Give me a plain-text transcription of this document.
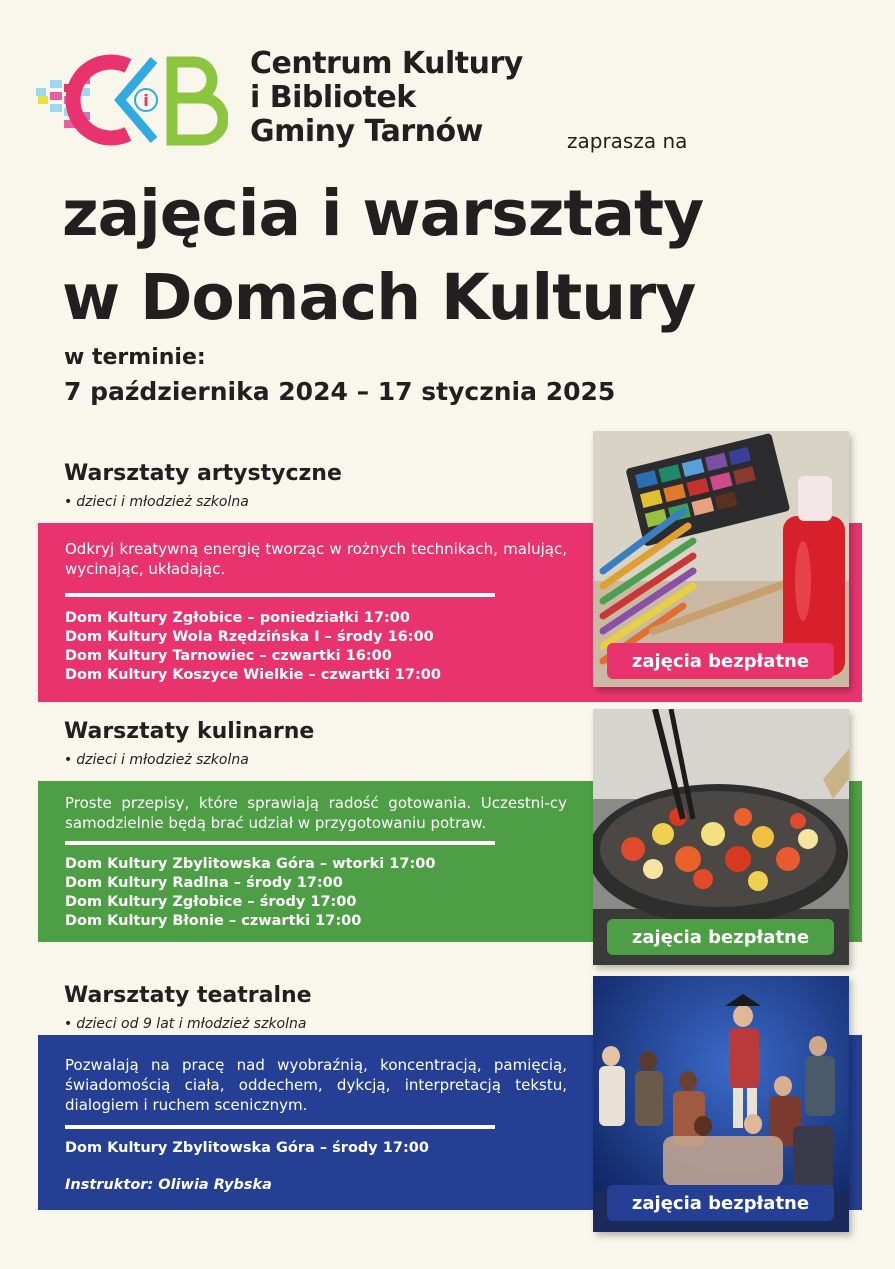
i
Centrum Kultury
i Bibliotek
Gminy Tarnów	zaprasza na
zajęcia i warsztaty
w Domach Kultury
w terminie:
7 października 2024 – 17 stycznia 2025
Warsztaty artystyczne
• dzieci i młodzież szkolna
Odkryj kreatywną energię tworząc w rożnych technikach, malując, wycinając, układając.
Dom Kultury Zgłobice – poniedziałki 17:00
Dom Kultury Wola Rzędzińska I – środy 16:00
Dom Kultury Tarnowiec – czwartki 16:00
Dom Kultury Koszyce Wielkie – czwartki 17:00
zajęcia bezpłatne
Warsztaty kulinarne
• dzieci i młodzież szkolna
Proste przepisy, które sprawiają radość gotowania. Uczestni-cy samodzielnie będą brać udział w przygotowaniu potraw.
Dom Kultury Zbylitowska Góra – wtorki 17:00
Dom Kultury Radlna – środy 17:00
Dom Kultury Zgłobice – środy 17:00
Dom Kultury Błonie – czwartki 17:00
zajęcia bezpłatne
Warsztaty teatralne
• dzieci od 9 lat i młodzież szkolna
Pozwalają na pracę nad wyobraźnią, koncentracją, pamięcią, świadomością ciała, oddechem, dykcją, interpretacją tekstu, dialogiem i ruchem scenicznym.
Dom Kultury Zbylitowska Góra – środy 17:00
Instruktor: Oliwia Rybska
zajęcia bezpłatne
